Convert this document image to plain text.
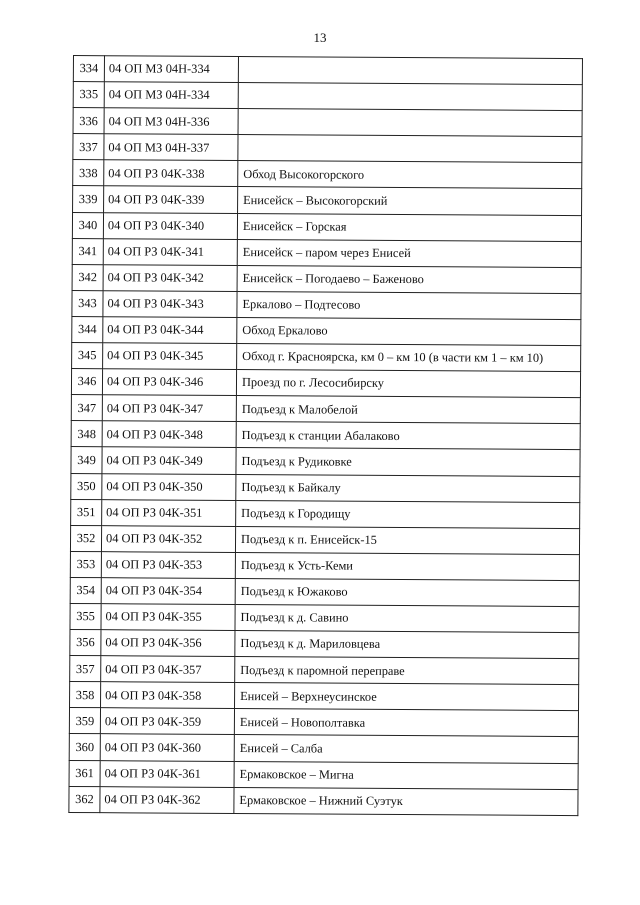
13
334	04 ОП МЗ 04Н-334	
335	04 ОП МЗ 04Н-334	
336	04 ОП МЗ 04Н-336	
337	04 ОП МЗ 04Н-337	
338	04 ОП РЗ 04К-338	Обход Высокогорского
339	04 ОП РЗ 04К-339	Енисейск – Высокогорский
340	04 ОП РЗ 04К-340	Енисейск – Горская
341	04 ОП РЗ 04К-341	Енисейск – паром через Енисей
342	04 ОП РЗ 04К-342	Енисейск – Погодаево – Баженово
343	04 ОП РЗ 04К-343	Еркалово – Подтесово
344	04 ОП РЗ 04К-344	Обход Еркалово
345	04 ОП РЗ 04К-345	Обход г. Красноярска, км 0 – км 10 (в части км 1 – км 10)
346	04 ОП РЗ 04К-346	Проезд по г. Лесосибирску
347	04 ОП РЗ 04К-347	Подъезд к Малобелой
348	04 ОП РЗ 04К-348	Подъезд к станции Абалаково
349	04 ОП РЗ 04К-349	Подъезд к Рудиковке
350	04 ОП РЗ 04К-350	Подъезд к Байкалу
351	04 ОП РЗ 04К-351	Подъезд к Городищу
352	04 ОП РЗ 04К-352	Подъезд к п. Енисейск-15
353	04 ОП РЗ 04К-353	Подъезд к Усть-Кеми
354	04 ОП РЗ 04К-354	Подъезд к Южаково
355	04 ОП РЗ 04К-355	Подъезд к д. Савино
356	04 ОП РЗ 04К-356	Подъезд к д. Мариловцева
357	04 ОП РЗ 04К-357	Подъезд к паромной переправе
358	04 ОП РЗ 04К-358	Енисей – Верхнеусинское
359	04 ОП РЗ 04К-359	Енисей – Новополтавка
360	04 ОП РЗ 04К-360	Енисей – Салба
361	04 ОП РЗ 04К-361	Ермаковское – Мигна
362	04 ОП РЗ 04К-362	Ермаковское – Нижний Суэтук
